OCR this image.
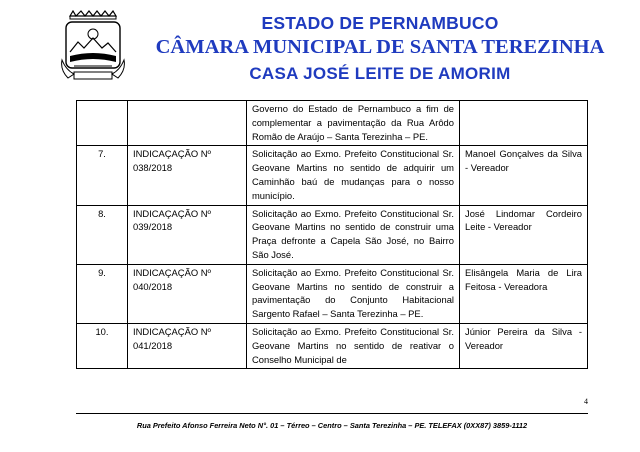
ESTADO DE PERNAMBUCO
CÂMARA MUNICIPAL DE SANTA TEREZINHA
CASA JOSÉ LEITE DE AMORIM
		Governo do Estado de Pernambuco a fim de complementar a pavimentação da Rua Arôdo Romão de Araújo – Santa Terezinha – PE.	
7.	INDICAÇAÇÃO Nº 038/2018	Solicitação ao Exmo. Prefeito Constitucional Sr. Geovane Martins no sentido de adquirir um Caminhão baú de mudanças para o nosso município.	Manoel Gonçalves da Silva - Vereador
8.	INDICAÇAÇÃO Nº 039/2018	Solicitação ao Exmo. Prefeito Constitucional Sr. Geovane Martins no sentido de construir uma Praça defronte a Capela São José, no Bairro São José.	José Lindomar Cordeiro Leite - Vereador
9.	INDICAÇAÇÃO Nº 040/2018	Solicitação ao Exmo. Prefeito Constitucional Sr. Geovane Martins no sentido de construir a pavimentação do Conjunto Habitacional Sargento Rafael – Santa Terezinha – PE.	Elisângela Maria de Lira Feitosa - Vereadora
10.	INDICAÇAÇÃO Nº 041/2018	Solicitação ao Exmo. Prefeito Constitucional Sr. Geovane Martins no sentido de reativar o Conselho Municipal de	Júnior Pereira da Silva - Vereador
4
Rua Prefeito Afonso Ferreira Neto N°. 01 – Térreo – Centro – Santa Terezinha – PE. TELEFAX (0XX87) 3859-1112
